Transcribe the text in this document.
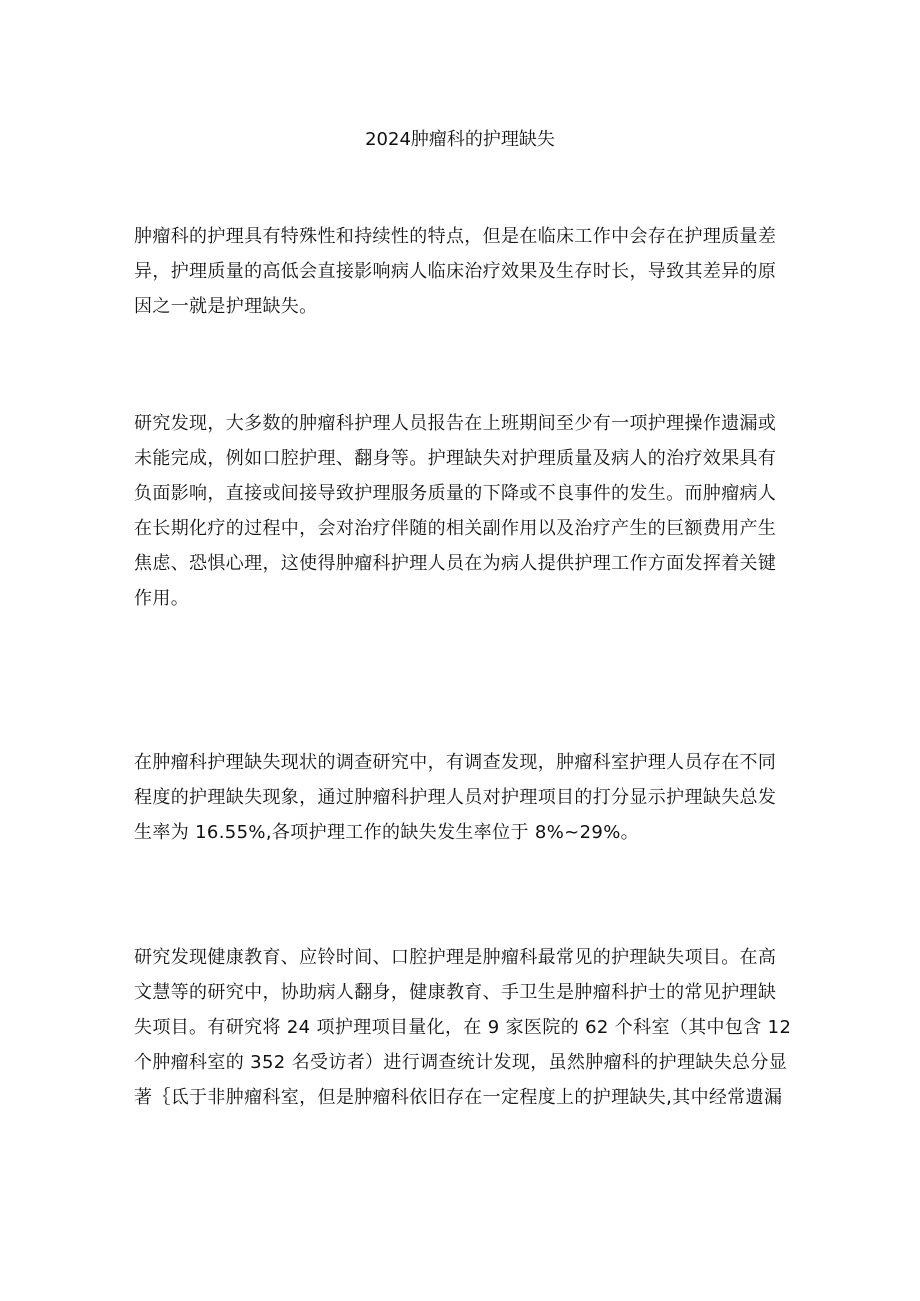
2024肿瘤科的护理缺失
肿瘤科的护理具有特殊性和持续性的特点，但是在临床工作中会存在护理质量差
异，护理质量的高低会直接影响病人临床治疗效果及生存时长，导致其差异的原
因之一就是护理缺失。
研究发现，大多数的肿瘤科护理人员报告在上班期间至少有一项护理操作遗漏或
未能完成，例如口腔护理、翻身等。护理缺失对护理质量及病人的治疗效果具有
负面影响，直接或间接导致护理服务质量的下降或不良事件的发生。而肿瘤病人
在长期化疗的过程中，会对治疗伴随的相关副作用以及治疗产生的巨额费用产生
焦虑、恐惧心理，这使得肿瘤科护理人员在为病人提供护理工作方面发挥着关键
作用。
在肿瘤科护理缺失现状的调查研究中，有调查发现，肿瘤科室护理人员存在不同
程度的护理缺失现象，通过肿瘤科护理人员对护理项目的打分显示护理缺失总发
生率为 16.55%,各项护理工作的缺失发生率位于 8%~29%。
研究发现健康教育、应铃时间、口腔护理是肿瘤科最常见的护理缺失项目。在高
文慧等的研究中，协助病人翻身，健康教育、手卫生是肿瘤科护士的常见护理缺
失项目。有研究将 24 项护理项目量化，在 9 家医院的 62 个科室（其中包含 12
个肿瘤科室的 352 名受访者）进行调查统计发现，虽然肿瘤科的护理缺失总分显
著｛氐于非肿瘤科室，但是肿瘤科依旧存在一定程度上的护理缺失,其中经常遗漏
